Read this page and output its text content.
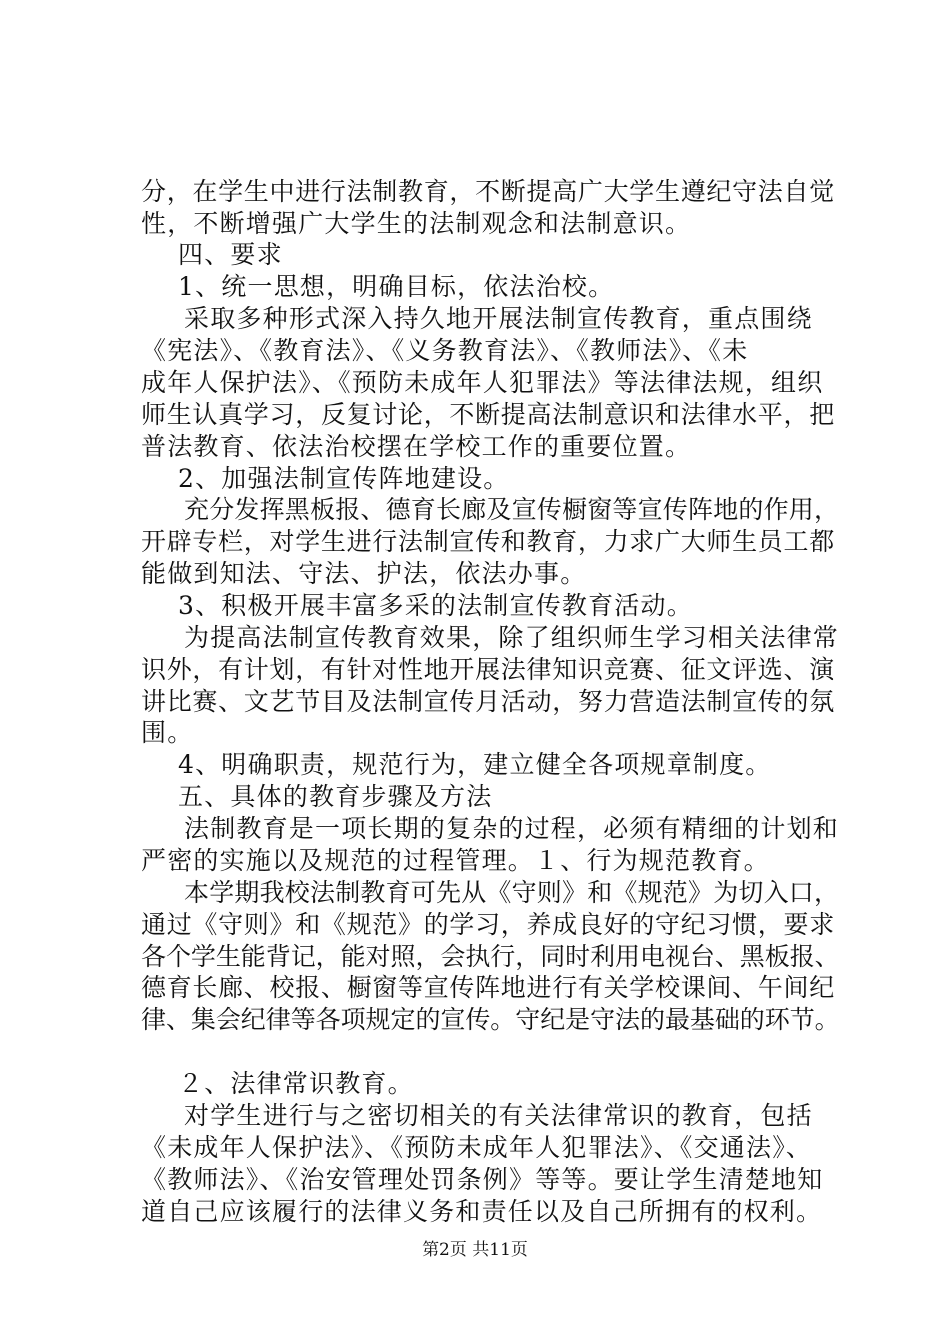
分，在学生中进行法制教育，不断提高广大学生遵纪守法自觉
性，不断增强广大学生的法制观念和法制意识。
四、要求
1、统一思想，明确目标，依法治校。
采取多种形式深入持久地开展法制宣传教育，重点围绕
《宪法》、《教育法》、《义务教育法》、《教师法》、《未
成年人保护法》、《预防未成年人犯罪法》等法律法规，组织
师生认真学习，反复讨论，不断提高法制意识和法律水平，把
普法教育、依法治校摆在学校工作的重要位置。
2、加强法制宣传阵地建设。
充分发挥黑板报、德育长廊及宣传橱窗等宣传阵地的作用，
开辟专栏，对学生进行法制宣传和教育，力求广大师生员工都
能做到知法、守法、护法，依法办事。
3、积极开展丰富多采的法制宣传教育活动。
为提高法制宣传教育效果，除了组织师生学习相关法律常
识外，有计划，有针对性地开展法律知识竞赛、征文评选、演
讲比赛、文艺节目及法制宣传月活动，努力营造法制宣传的氛
围。
4、明确职责，规范行为，建立健全各项规章制度。
五、具体的教育步骤及方法
法制教育是一项长期的复杂的过程，必须有精细的计划和
严密的实施以及规范的过程管理。１、行为规范教育。
本学期我校法制教育可先从《守则》和《规范》为切入口，
通过《守则》和《规范》的学习，养成良好的守纪习惯，要求
各个学生能背记，能对照，会执行，同时利用电视台、黑板报、
德育长廊、校报、橱窗等宣传阵地进行有关学校课间、午间纪
律、集会纪律等各项规定的宣传。守纪是守法的最基础的环节。
２、法律常识教育。
对学生进行与之密切相关的有关法律常识的教育，包括
《未成年人保护法》、《预防未成年人犯罪法》、《交通法》、
《教师法》、《治安管理处罚条例》等等。要让学生清楚地知
道自己应该履行的法律义务和责任以及自己所拥有的权利。
第2页 共11页
